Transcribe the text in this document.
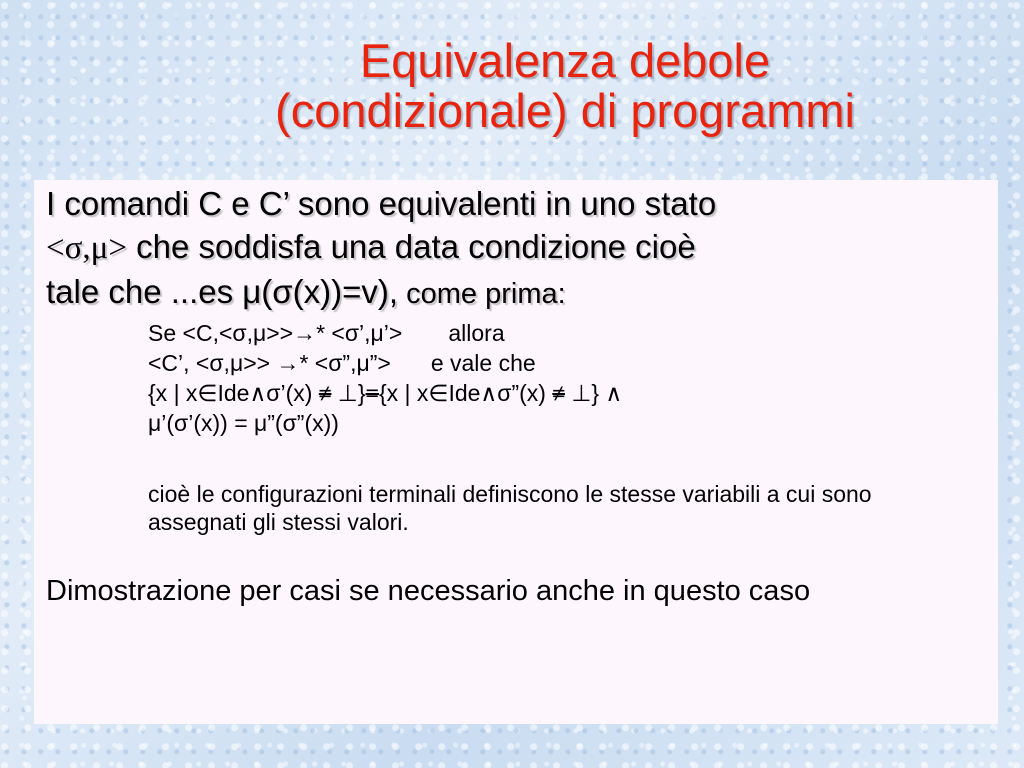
Equivalenza debole
(condizionale) di programmi
I comandi C e C’ sono equivalenti in uno stato
<σ,μ> che soddisfa una data condizione cioè
tale che ...es μ(σ(x))=v), come prima:
Se <C,<σ,μ>>→* <σ’,μ’> allora
<C’, <σ,μ>> →* <σ”,μ”> e vale che
{x | x∈Ide∧σ’(x) ≠ ⊥}={x | x∈Ide∧σ”(x) ≠ ⊥} ∧
μ’(σ’(x)) = μ”(σ”(x))
cioè le configurazioni terminali definiscono le stesse variabili a cui sono assegnati gli stessi valori.
Dimostrazione per casi se necessario anche in questo caso
